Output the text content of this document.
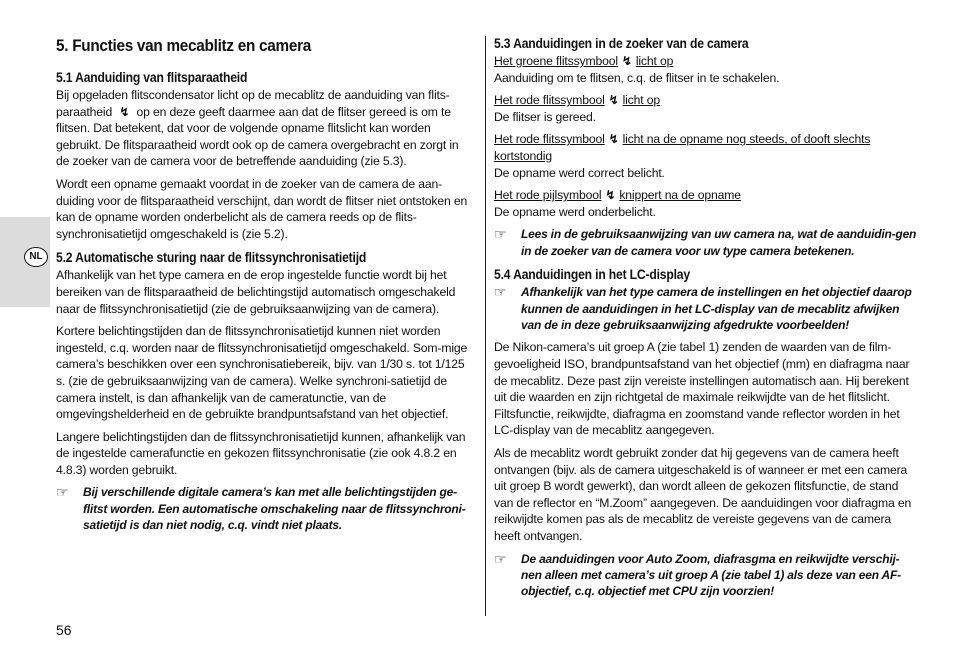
NL
5. Functies van mecablitz en camera
5.1 Aanduiding van flitsparaatheid

Bij opgeladen flitscondensator licht op de mecablitz de aanduiding van flits-paraatheid ↯ op en deze geeft daarmee aan dat de flitser gereed is om te flitsen. Dat betekent, dat voor de volgende opname flitslicht kan worden gebruikt. De flitsparaatheid wordt ook op de camera overgebracht en zorgt in de zoeker van de camera voor de betreffende aanduiding (zie 5.3).

Wordt een opname gemaakt voordat in de zoeker van de camera de aan-duiding voor de flitsparaatheid verschijnt, dan wordt de flitser niet ontstoken en kan de opname worden onderbelicht als de camera reeds op de flits-synchronisatietijd omgeschakeld is (zie 5.2).

5.2 Automatische sturing naar de flitssynchronisatietijd

Afhankelijk van het type camera en de erop ingestelde functie wordt bij het bereiken van de flitsparaatheid de belichtingstijd automatisch omgeschakeld naar de flitssynchronisatietijd (zie de gebruiksaanwijzing van de camera).

Kortere belichtingstijden dan de flitssynchronisatietijd kunnen niet worden ingesteld, c.q. worden naar de flitssynchronisatietijd omgeschakeld. Som-mige camera’s beschikken over een synchronisatiebereik, bijv. van 1/30 s. tot 1/125 s. (zie de gebruiksaanwijzing van de camera). Welke synchroni-satietijd de camera instelt, is dan afhankelijk van de cameratunctie, van de omgevingshelderheid en de gebruikte brandpuntsafstand van het objectief.

Langere belichtingstijden dan de flitssynchronisatietijd kunnen, afhankelijk van de ingestelde camerafunctie en gekozen flitssynchronisatie (zie ook 4.8.2 en 4.8.3) worden gebruikt.

☞	Bij verschillende digitale camera’s kan met alle belichtingstijden ge-flitst worden. Een automatische omschakeling naar de flitssynchroni-satietijd is dan niet nodig, c.q. vindt niet plaats.
5.3 Aanduidingen in de zoeker van de camera
Het groene flitssymbool ↯ licht op
Aanduiding om te flitsen, c.q. de flitser in te schakelen.
Het rode flitssymbool ↯ licht op
De flitser is gereed.
Het rode flitssymbool ↯ licht na de opname nog steeds, of dooft slechts kortstondig
De opname werd correct belicht.
Het rode pijlsymbool ↯ knippert na de opname
De opname werd onderbelicht.
☞	Lees in de gebruiksaanwijzing van uw camera na, wat de aanduidin-gen in de zoeker van de camera voor uw type camera betekenen.
5.4 Aanduidingen in het LC-display
☞	Afhankelijk van het type camera de instellingen en het objectief daarop kunnen de aanduidingen in het LC-display van de mecablitz afwijken van de in deze gebruiksaanwijzing afgedrukte voorbeelden!

De Nikon-camera’s uit groep A (zie tabel 1) zenden de waarden van de film-gevoeligheid ISO, brandpuntsafstand van het objectief (mm) en diafragma naar de mecablitz. Deze past zijn vereiste instellingen automatisch aan. Hij berekent uit die waarden en zijn richtgetal de maximale reikwijdte van de het flitslicht. Filtsfunctie, reikwijdte, diafragma en zoomstand vande reflector worden in het LC-display van de mecablitz aangegeven.

Als de mecablitz wordt gebruikt zonder dat hij gegevens van de camera heeft ontvangen (bijv. als de camera uitgeschakeld is of wanneer er met een camera uit groep B wordt gewerkt), dan wordt alleen de gekozen flitsfunctie, de stand van de reflector en “M.Zoom” aangegeven. De aanduidingen voor diafragma en reikwijdte komen pas als de mecablitz de vereiste gegevens van de camera heeft ontvangen.

☞	De aanduidingen voor Auto Zoom, diafrasgma en reikwijdte verschij-nen alleen met camera’s uit groep A (zie tabel 1) als deze van een AF-objectief, c.q. objectief met CPU zijn voorzien!
56
